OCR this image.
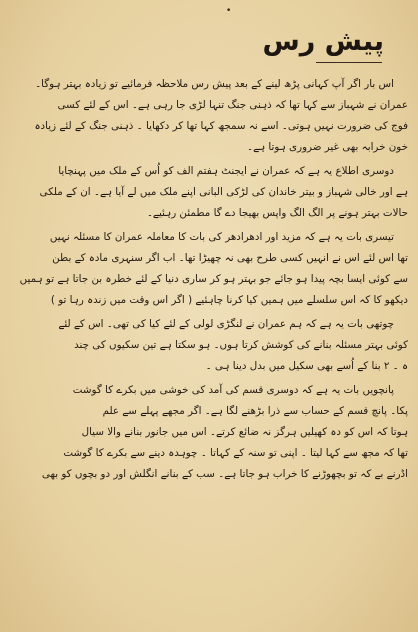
•
پیش رس
اس بار اگر آپ کہانی پڑھ لینے کے بعد پیش رس ملاحظہ فرمائیے تو زیادہ بہتر ہوگا۔
عمران نے شہباز سے کہا تھا کہ ذہنی جنگ تنہا لڑی جا رہی ہے۔ اس کے لئے کسی
فوج کی ضرورت نہیں ہوتی۔ اسے نہ سمجھ کہا تھا کر دکھایا ۔ ذہنی جنگ کے لئے زیادہ
خون خرابہ بھی غیر ضروری ہوتا ہے۔
دوسری اطلاع یہ ہے کہ عمران نے ایجنٹ ہفتم الف کو اُس کے ملک میں پہنچایا
ہے اور خالی شہباز و بیتر خاندان کی لڑکی البانی اپنے ملک میں لے آیا ہے۔ ان کے ملکی
حالات بہتر ہونے پر الگ الگ واپس بھیجا دے گا مطمئن رہئیے۔
تیسری بات یہ ہے کہ مزید اور ادھرادھر کی بات کا معاملہ عمران کا مسئلہ نہیں
تھا اس لئے اس نے انہیں کسی طرح بھی نہ چھیڑا تھا۔ اب اگر سنہری مادہ کے بطن
سے کوئی ایسا بچہ پیدا ہو جائے جو بہتر ہو کر ساری دنیا کے لئے خطرہ بن جاتا ہے تو ہمیں
دیکھو کا کہ اس سلسلے میں ہمیں کیا کرنا چاہئیے ( اگر اس وقت میں زندہ رہا تو )
چوتھی بات یہ ہے کہ ہم عمران نے لنگڑی لولی کے لئے کیا کی تھی۔ اس کے لئے
کوئی بہتر مسئلہ بنانے کی کوشش کرتا ہوں۔ ہو سکتا ہے تین سکیوں کی چند
ہ ۔ ۲ بنا کے اُسے بھی سکیل میں بدل دینا ہی ۔
پانچویں بات یہ ہے کہ دوسری قسم کی آمد کی خوشی میں بکرے کا گوشت
پکا۔ پانچ قسم کے حساب سے ذرا بڑھنے لگا ہے۔ اگر مجھے پہلے سے علم
ہوتا کہ اس کو دہ کھیلیں ہرگز نہ ضائع کرتے۔ اس میں جانور بنانے والا سیال
تھا کہ مجھ سے کہا لیتا ۔ اپنی تو سنہ کے کہاتا ۔ چوہدہ دینے سے بکرے کا گوشت
اڈرنے بے کہ تو بچھوڑنے کا خراب ہو جاتا ہے۔ سب کے بنانے انگلش اور دو بچوں کو بھی
